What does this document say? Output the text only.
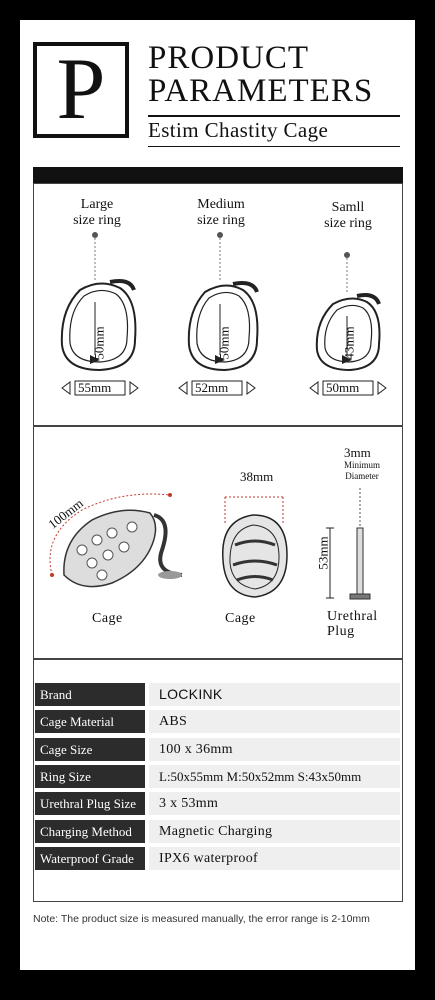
P PRODUCT
PARAMETERS
Estim Chastity Cage
Large
size ring
Medium
size ring
Samll
size ring
50mm	50mm	43mm
55mm	52mm	50mm
100mm
38mm
3mm
Minimum
Diameter
53mm
Cage	Cage	Urethral
Plug
Brand	LOCKINK
Cage Material	ABS
Cage Size	100 x 36mm
Ring Size	L:50x55mm M:50x52mm S:43x50mm
Urethral Plug Size	3 x 53mm
Charging Method	Magnetic Charging
Waterproof Grade	IPX6 waterproof
Note: The product size is measured manually, the error range is 2-10mm
